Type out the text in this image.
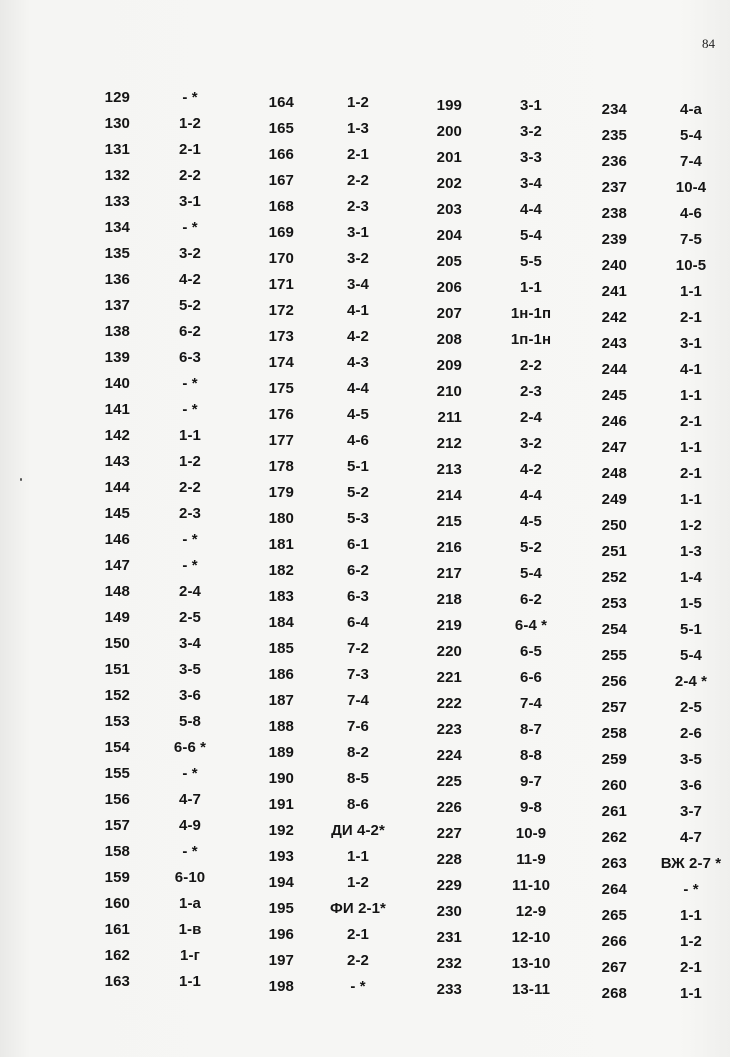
84
129	- *
130	1-2
131	2-1
132	2-2
133	3-1
134	- *
135	3-2
136	4-2
137	5-2
138	6-2
139	6-3
140	- *
141	- *
142	1-1
143	1-2
144	2-2
145	2-3
146	- *
147	- *
148	2-4
149	2-5
150	3-4
151	3-5
152	3-6
153	5-8
154	6-6 *
155	- *
156	4-7
157	4-9
158	- *
159	6-10
160	1-а
161	1-в
162	1-г
163	1-1
164	1-2
165	1-3
166	2-1
167	2-2
168	2-3
169	3-1
170	3-2
171	3-4
172	4-1
173	4-2
174	4-3
175	4-4
176	4-5
177	4-6
178	5-1
179	5-2
180	5-3
181	6-1
182	6-2
183	6-3
184	6-4
185	7-2
186	7-3
187	7-4
188	7-6
189	8-2
190	8-5
191	8-6
192	ДИ 4-2*
193	1-1
194	1-2
195	ФИ 2-1*
196	2-1
197	2-2
198	- *
199	3-1
200	3-2
201	3-3
202	3-4
203	4-4
204	5-4
205	5-5
206	1-1
207	1н-1п
208	1п-1н
209	2-2
210	2-3
211	2-4
212	3-2
213	4-2
214	4-4
215	4-5
216	5-2
217	5-4
218	6-2
219	6-4 *
220	6-5
221	6-6
222	7-4
223	8-7
224	8-8
225	9-7
226	9-8
227	10-9
228	11-9
229	11-10
230	12-9
231	12-10
232	13-10
233	13-11
234	4-а
235	5-4
236	7-4
237	10-4
238	4-6
239	7-5
240	10-5
241	1-1
242	2-1
243	3-1
244	4-1
245	1-1
246	2-1
247	1-1
248	2-1
249	1-1
250	1-2
251	1-3
252	1-4
253	1-5
254	5-1
255	5-4
256	2-4 *
257	2-5
258	2-6
259	3-5
260	3-6
261	3-7
262	4-7
263 ВЖ 2-7 *
264	- *
265	1-1
266	1-2
267	2-1
268	1-1
